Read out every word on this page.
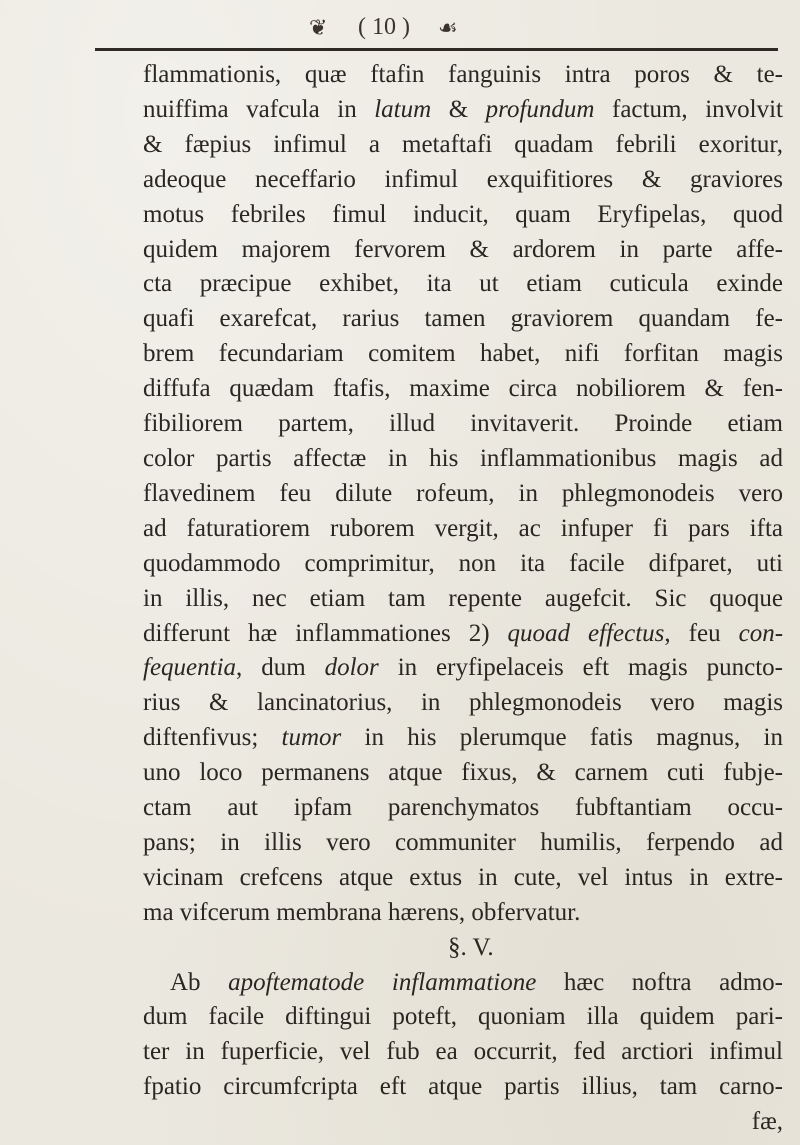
❦ ( 10 ) ☙
flammationis, quæ ftafin fanguinis intra poros & te-
nuiffima vafcula in latum & profundum factum, involvit
& fæpius infimul a metaftafi quadam febrili exoritur,
adeoque neceffario infimul exquifitiores & graviores
motus febriles fimul inducit, quam Eryfipelas, quod
quidem majorem fervorem & ardorem in parte affe-
cta præcipue exhibet, ita ut etiam cuticula exinde
quafi exarefcat, rarius tamen graviorem quandam fe-
brem fecundariam comitem habet, nifi forfitan magis
diffufa quædam ftafis, maxime circa nobiliorem & fen-
fibiliorem partem, illud invitaverit. Proinde etiam
color partis affectæ in his inflammationibus magis ad
flavedinem feu dilute rofeum, in phlegmonodeis vero
ad faturatiorem ruborem vergit, ac infuper fi pars ifta
quodammodo comprimitur, non ita facile difparet, uti
in illis, nec etiam tam repente augefcit. Sic quoque
differunt hæ inflammationes 2) quoad effectus, feu con-
fequentia, dum dolor in eryfipelaceis eft magis puncto-
rius & lancinatorius, in phlegmonodeis vero magis
diftenfivus; tumor in his plerumque fatis magnus, in
uno loco permanens atque fixus, & carnem cuti fubje-
ctam aut ipfam parenchymatos fubftantiam occu-
pans; in illis vero communiter humilis, ferpendo ad
vicinam crefcens atque extus in cute, vel intus in extre-
ma vifcerum membrana hærens, obfervatur.
§. V.
Ab apoftematode inflammatione hæc noftra admo-
dum facile diftingui poteft, quoniam illa quidem pari-
ter in fuperficie, vel fub ea occurrit, fed arctiori infimul
fpatio circumfcripta eft atque partis illius, tam carno-
fæ,
